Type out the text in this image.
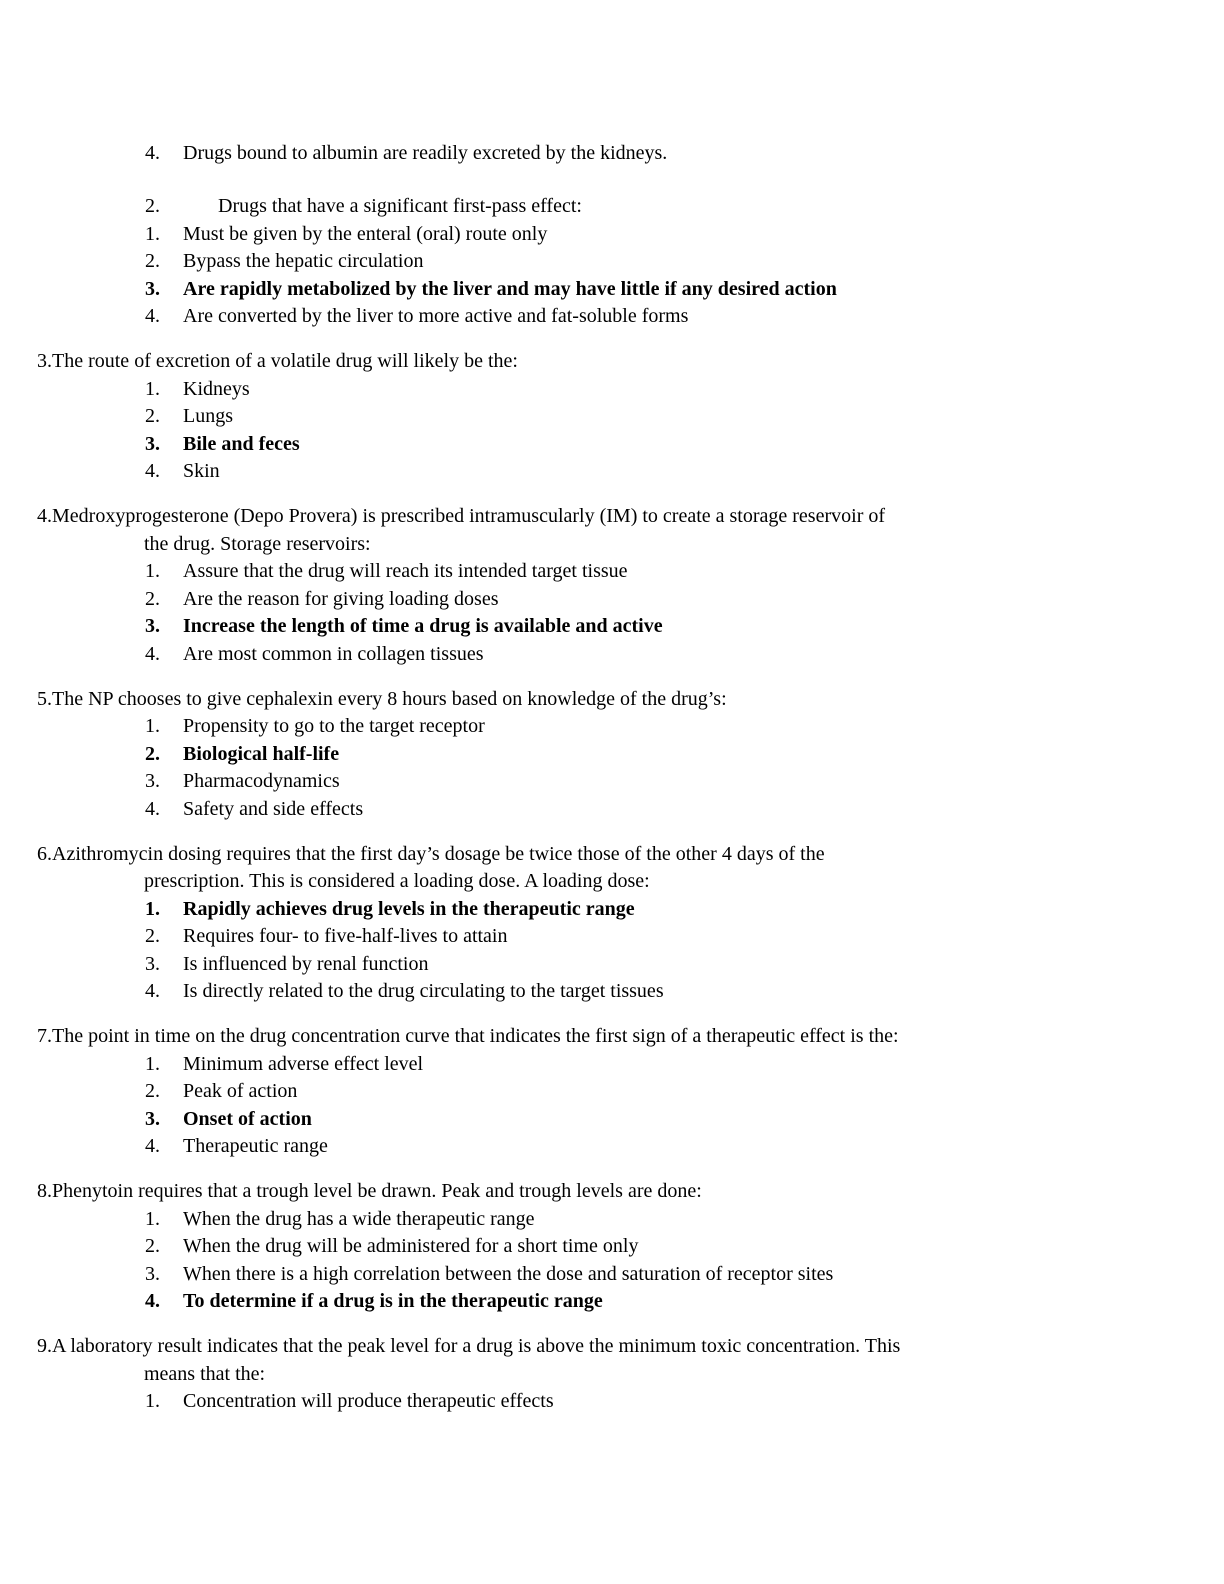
4.	Drugs bound to albumin are readily excreted by the kidneys.
2.	Drugs that have a significant first-pass effect:
1.	Must be given by the enteral (oral) route only
2.	Bypass the hepatic circulation
3.	Are rapidly metabolized by the liver and may have little if any desired action
4.	Are converted by the liver to more active and fat-soluble forms
3.The route of excretion of a volatile drug will likely be the:
1.	Kidneys
2.	Lungs
3.	Bile and feces
4.	Skin
4.Medroxyprogesterone (Depo Provera) is prescribed intramuscularly (IM) to create a storage reservoir of
the drug. Storage reservoirs:
1.	Assure that the drug will reach its intended target tissue
2.	Are the reason for giving loading doses
3.	Increase the length of time a drug is available and active
4.	Are most common in collagen tissues
5.The NP chooses to give cephalexin every 8 hours based on knowledge of the drug’s:
1.	Propensity to go to the target receptor
2.	Biological half-life
3.	Pharmacodynamics
4.	Safety and side effects
6.Azithromycin dosing requires that the first day’s dosage be twice those of the other 4 days of the
prescription. This is considered a loading dose. A loading dose:
1.	Rapidly achieves drug levels in the therapeutic range
2.	Requires four- to five-half-lives to attain
3.	Is influenced by renal function
4.	Is directly related to the drug circulating to the target tissues
7.The point in time on the drug concentration curve that indicates the first sign of a therapeutic effect is the:
1.	Minimum adverse effect level
2.	Peak of action
3.	Onset of action
4.	Therapeutic range
8.Phenytoin requires that a trough level be drawn. Peak and trough levels are done:
1.	When the drug has a wide therapeutic range
2.	When the drug will be administered for a short time only
3.	When there is a high correlation between the dose and saturation of receptor sites
4.	To determine if a drug is in the therapeutic range
9.A laboratory result indicates that the peak level for a drug is above the minimum toxic concentration. This
means that the:
1.	Concentration will produce therapeutic effects
